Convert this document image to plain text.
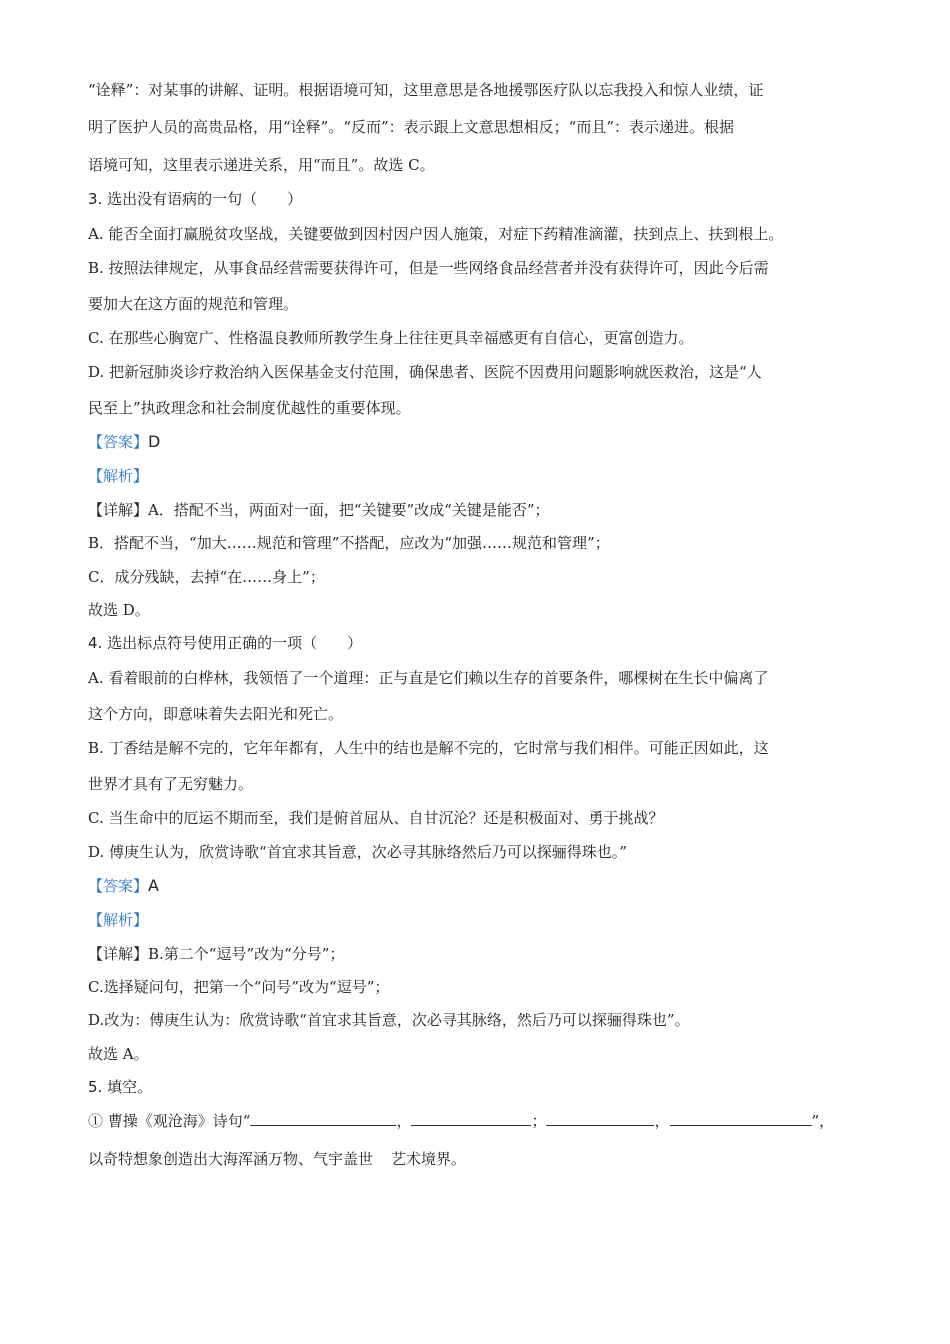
“诠释”：对某事的讲解、证明。根据语境可知，这里意思是各地援鄂医疗队以忘我投入和惊人业绩，证
明了医护人员的高贵品格，用“诠释”。“反而”：表示跟上文意思想相反；“而且”：表示递进。根据
语境可知，这里表示递进关系，用“而且”。故选 C。
3. 选出没有语病的一句（　　）
A. 能否全面打赢脱贫攻坚战，关键要做到因村因户因人施策，对症下药精准滴灌，扶到点上、扶到根上。
B. 按照法律规定，从事食品经营需要获得许可，但是一些网络食品经营者并没有获得许可，因此今后需
要加大在这方面的规范和管理。
C. 在那些心胸宽广、性格温良教师所教学生身上往往更具幸福感更有自信心，更富创造力。
D. 把新冠肺炎诊疗救治纳入医保基金支付范围，确保患者、医院不因费用问题影响就医救治，这是“人
民至上”执政理念和社会制度优越性的重要体现。
【答案】D
【解析】
【详解】A．搭配不当，两面对一面，把“关键要”改成“关键是能否”；
B．搭配不当，“加大……规范和管理”不搭配，应改为“加强……规范和管理”；
C．成分残缺，去掉“在……身上”；
故选 D。
4. 选出标点符号使用正确的一项（　　）
A. 看着眼前的白桦林，我领悟了一个道理：正与直是它们赖以生存的首要条件，哪棵树在生长中偏离了
这个方向，即意味着失去阳光和死亡。
B. 丁香结是解不完的，它年年都有，人生中的结也是解不完的，它时常与我们相伴。可能正因如此，这
世界才具有了无穷魅力。
C. 当生命中的厄运不期而至，我们是俯首屈从、自甘沉沦？还是积极面对、勇于挑战？
D. 傅庚生认为，欣赏诗歌“首宜求其旨意，次必寻其脉络然后乃可以探骊得珠也。”
【答案】A
【解析】
【详解】B.第二个“逗号”改为“分号”；
C.选择疑问句，把第一个“问号”改为“逗号”；
D.改为：傅庚生认为：欣赏诗歌“首宜求其旨意，次必寻其脉络，然后乃可以探骊得珠也”。
故选 A。
5. 填空。
① 曹操《观沧海》诗句“	，	；	，	”，
以奇特想象创造出大海浑涵万物、气宇盖世 艺术境界。
